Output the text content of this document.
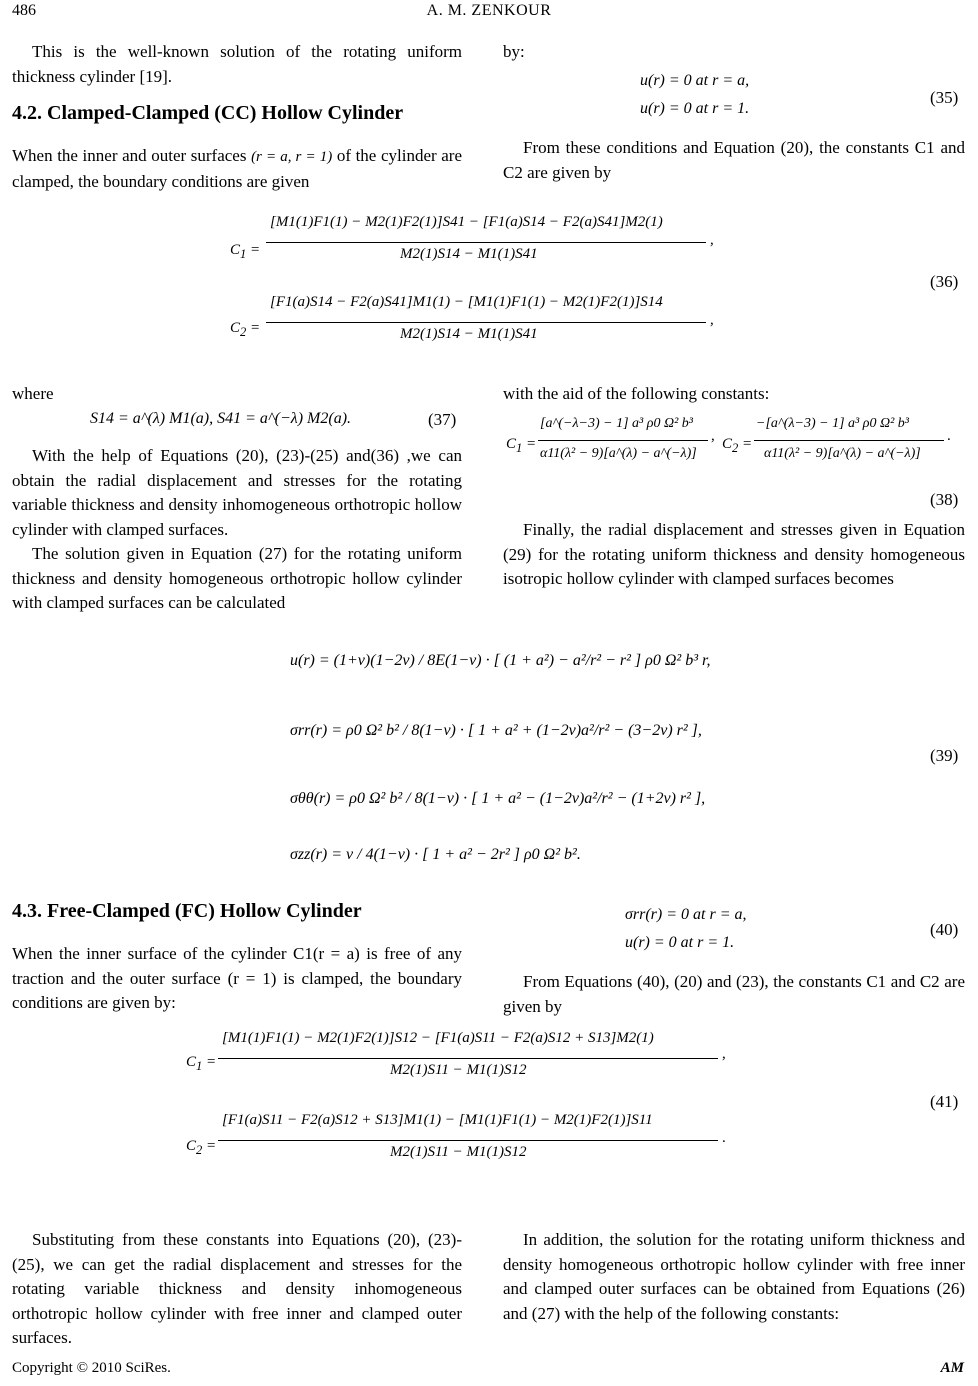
486	A. M. ZENKOUR
This is the well-known solution of the rotating uniform thickness cylinder [19].
4.2. Clamped-Clamped (CC) Hollow Cylinder
When the inner and outer surfaces (r = a, r = 1) of the cylinder are clamped, the boundary conditions are given
by:
u(r) = 0 at r = a,
u(r) = 0 at r = 1.
(35)
From these conditions and Equation (20), the constants C1 and C2 are given by
$C_1$ =
[M1(1)F1(1) − M2(1)F2(1)]S41 − [F1(a)S14 − F2(a)S41]M2(1)
M2(1)S14 − M1(1)S41
,
$C_2$ =
[F1(a)S14 − F2(a)S41]M1(1) − [M1(1)F1(1) − M2(1)F2(1)]S14
M2(1)S14 − M1(1)S41
,
(36)
where
S14 = a^(λ) M1(a), S41 = a^(−λ) M2(a).	(37)
With the help of Equations (20), (23)-(25) and(36) ,we can obtain the radial displacement and stresses for the rotating variable thickness and density inhomogeneous orthotropic hollow cylinder with clamped surfaces.
The solution given in Equation (27) for the rotating uniform thickness and density homogeneous orthotropic hollow cylinder with clamped surfaces can be calculated
with the aid of the following constants:
$C_1$ =
[a^(−λ−3) − 1] a³ ρ0 Ω² b³
α11(λ² − 9)[a^(λ) − a^(−λ)]
, $C_2$ =
−[a^(λ−3) − 1] a³ ρ0 Ω² b³
α11(λ² − 9)[a^(λ) − a^(−λ)]
.
(38)
Finally, the radial displacement and stresses given in Equation (29) for the rotating uniform thickness and density homogeneous isotropic hollow cylinder with clamped surfaces becomes
u(r) = (1+ν)(1−2ν) / 8E(1−ν) · [ (1 + a²) − a²/r² − r² ] ρ0 Ω² b³ r,
σrr(r) = ρ0 Ω² b² / 8(1−ν) · [ 1 + a² + (1−2ν)a²/r² − (3−2ν) r² ],
σθθ(r) = ρ0 Ω² b² / 8(1−ν) · [ 1 + a² − (1−2ν)a²/r² − (1+2ν) r² ],
σzz(r) = ν / 4(1−ν) · [ 1 + a² − 2r² ] ρ0 Ω² b².
(39)
4.3. Free-Clamped (FC) Hollow Cylinder
When the inner surface of the cylinder C1(r = a) is free of any traction and the outer surface (r = 1) is clamped, the boundary conditions are given by:
σrr(r) = 0 at r = a,
u(r) = 0 at r = 1.
(40)
From Equations (40), (20) and (23), the constants C1 and C2 are given by
$C_1$ =
[M1(1)F1(1) − M2(1)F2(1)]S12 − [F1(a)S11 − F2(a)S12 + S13]M2(1)
M2(1)S11 − M1(1)S12
,
$C_2$ =
[F1(a)S11 − F2(a)S12 + S13]M1(1) − [M1(1)F1(1) − M2(1)F2(1)]S11
M2(1)S11 − M1(1)S12
.
(41)
Substituting from these constants into Equations (20), (23)-(25), we can get the radial displacement and stresses for the rotating variable thickness and density inhomogeneous orthotropic hollow cylinder with free inner and clamped outer surfaces.
In addition, the solution for the rotating uniform thickness and density homogeneous orthotropic hollow cylinder with free inner and clamped outer surfaces can be obtained from Equations (26) and (27) with the help of the following constants:
Copyright © 2010 SciRes.	AM
